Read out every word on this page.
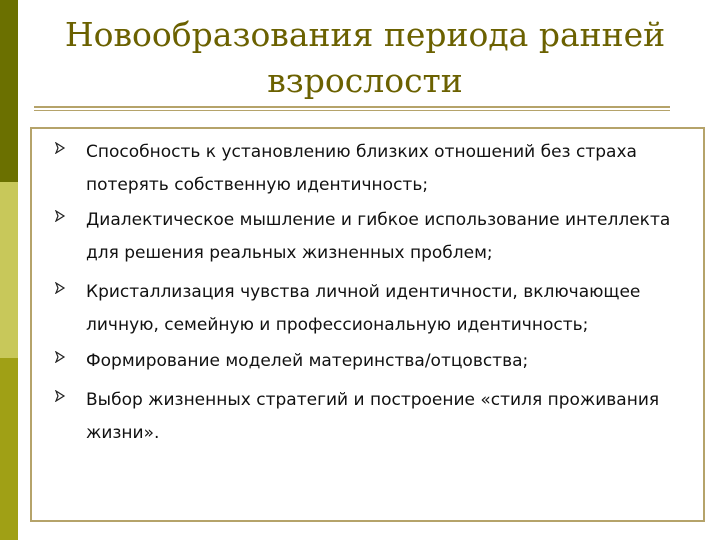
Новообразования периода ранней взрослости
Способность к установлению близких отношений без страха потерять собственную идентичность;
Диалектическое мышление и гибкое использование интеллекта для решения реальных жизненных проблем;
Кристаллизация чувства личной идентичности, включающее личную, семейную и профессиональную идентичность;
Формирование моделей материнства/отцовства;
Выбор жизненных стратегий и построение «стиля проживания жизни».
